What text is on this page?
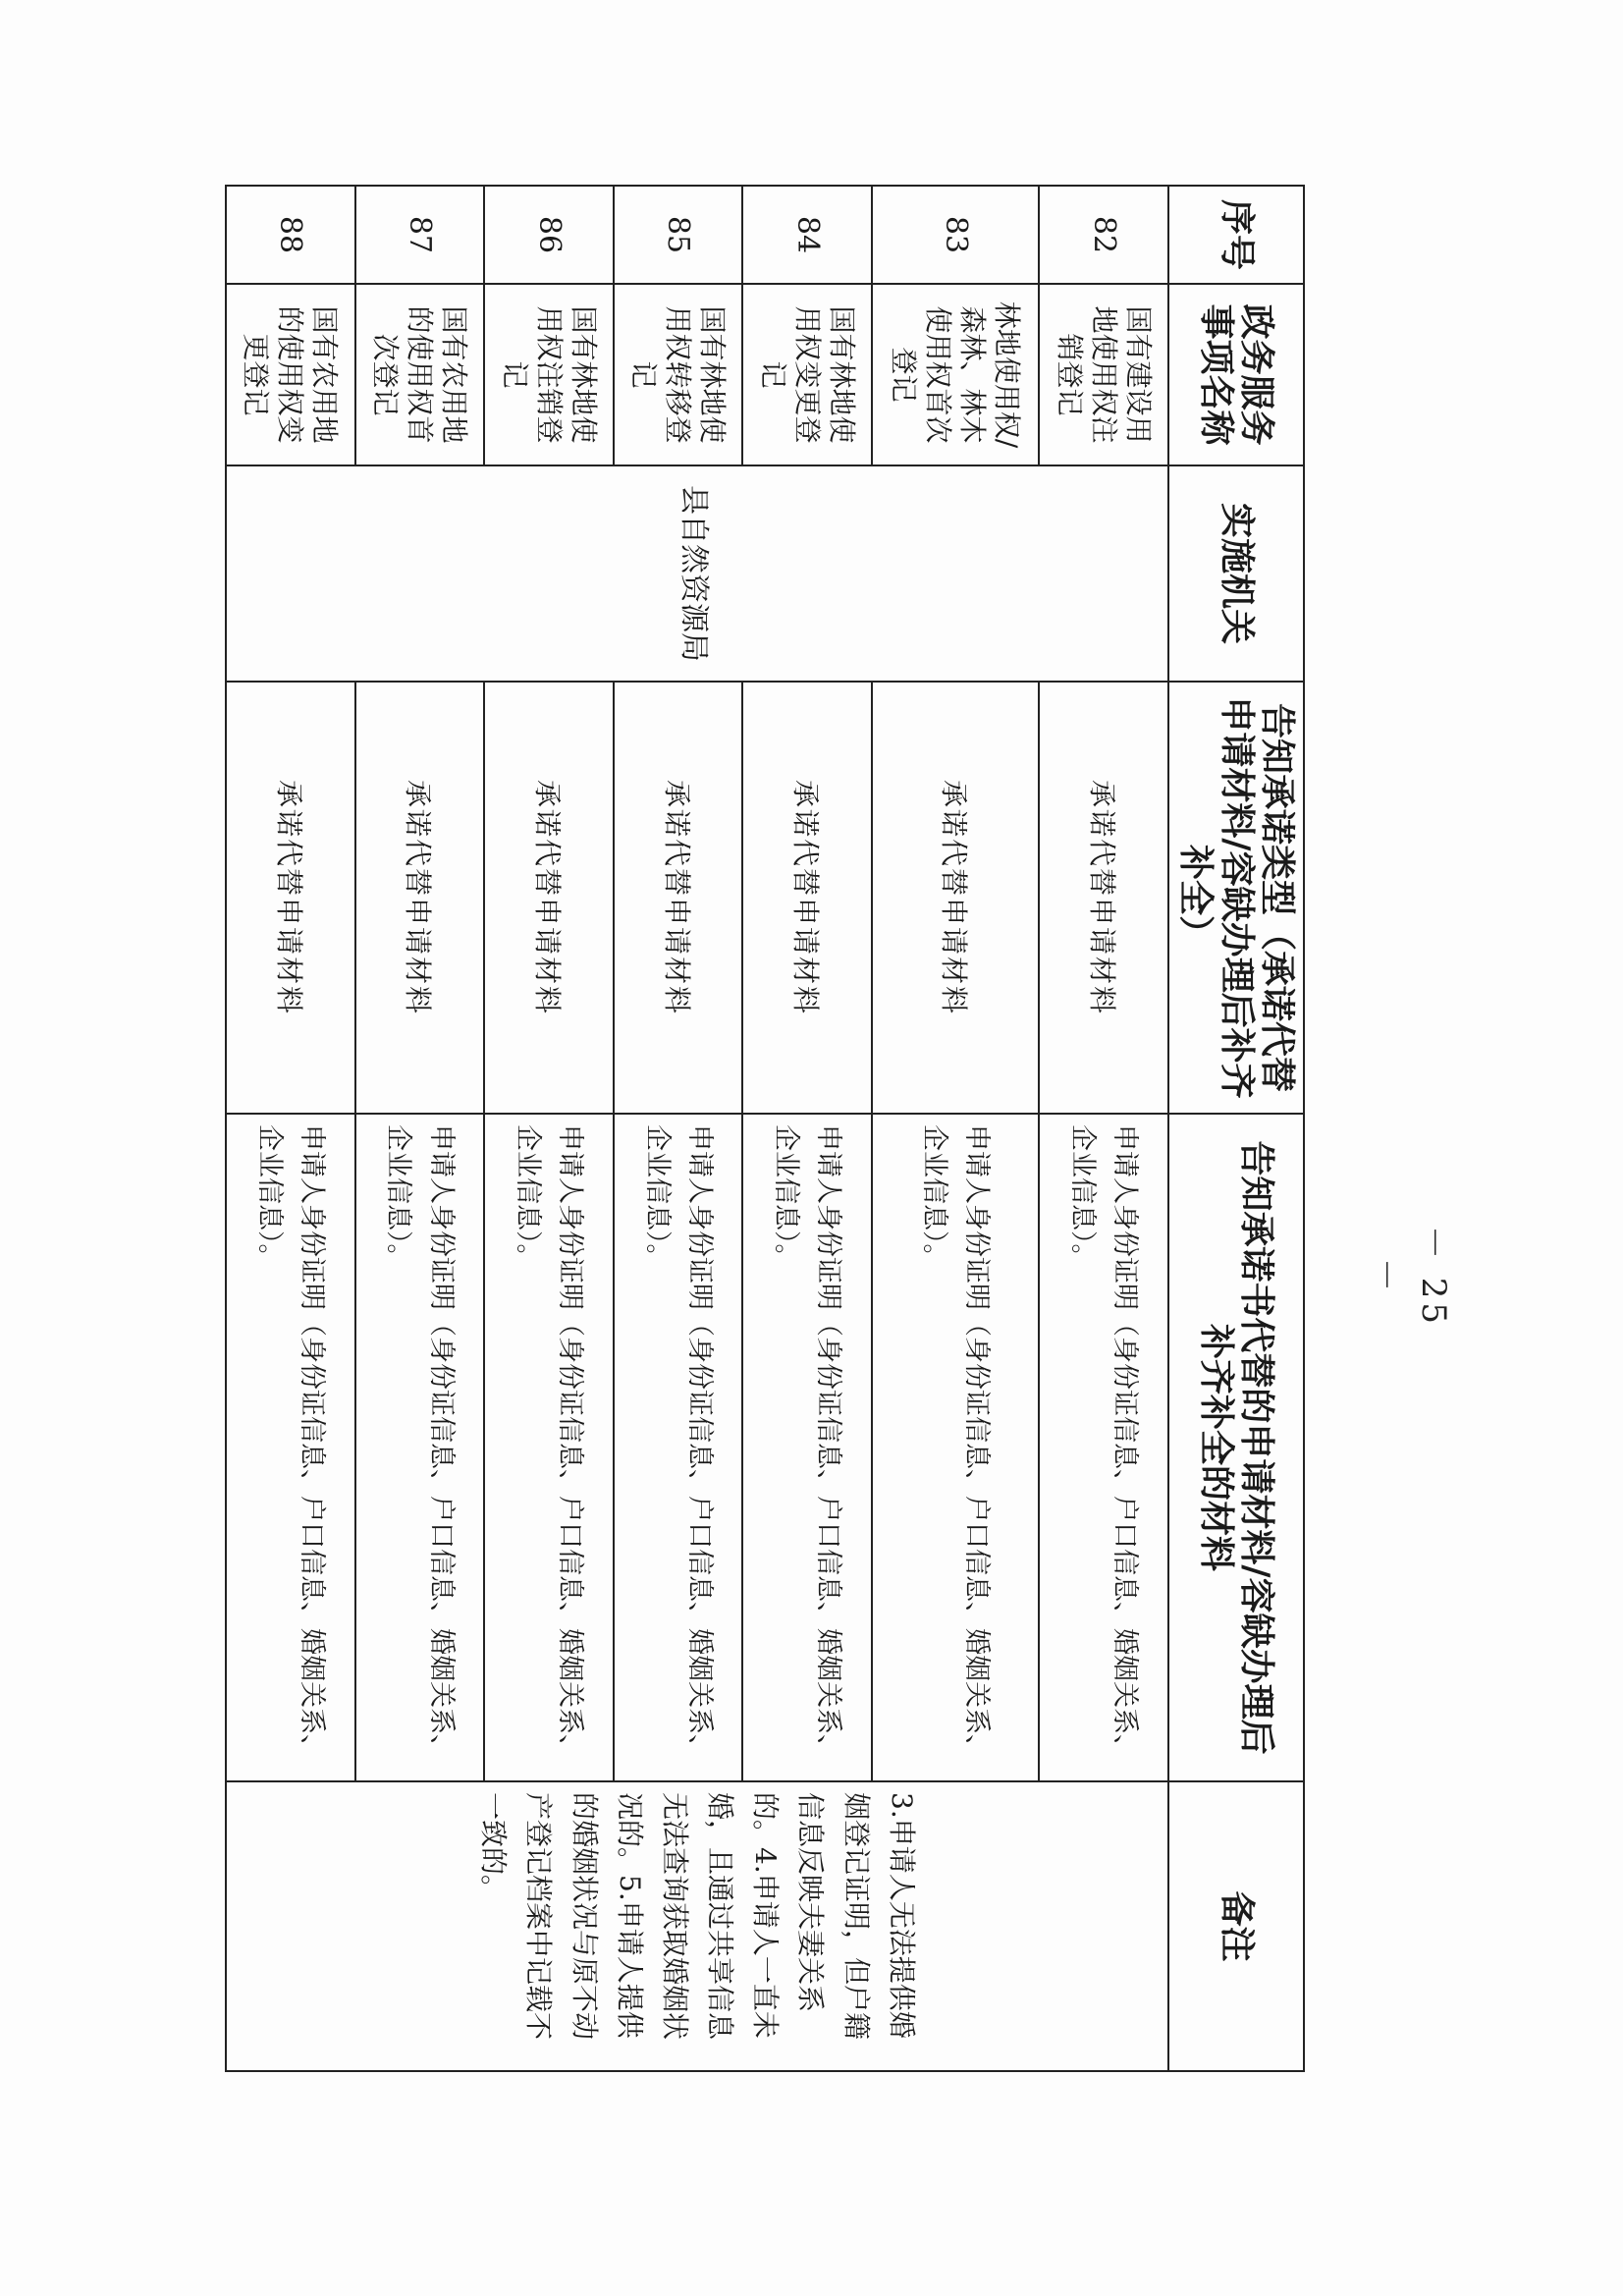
序号	政务服务事项名称	实施机关	告知承诺类型（承诺代替申请材料/容缺办理后补齐补全）	告知承诺书代替的申请材料/容缺办理后补齐补全的材料	备注
82	国有建设用地使用权注销登记	县自然资源局	承诺代替申请材料	申请人身份证明（身份证信息、户口信息、婚姻关系、企业信息）。	3.申请人无法提供婚姻登记证明，但户籍信息反映夫妻关系的。4.申请人一直未婚，且通过共享信息无法查询获取婚姻状况的。5.申请人提供的婚姻状况与原不动产登记档案中记载不一致的。
83	林地使用权/森林、林木使用权首次登记		承诺代替申请材料	申请人身份证明（身份证信息、户口信息、婚姻关系、企业信息）。	
84	国有林地使用权变更登记		承诺代替申请材料	申请人身份证明（身份证信息、户口信息、婚姻关系、企业信息）。	
85	国有林地使用权转移登记		承诺代替申请材料	申请人身份证明（身份证信息、户口信息、婚姻关系、企业信息）。	
86	国有林地使用权注销登记		承诺代替申请材料	申请人身份证明（身份证信息、户口信息、婚姻关系、企业信息）。	
87	国有农用地的使用权首次登记		承诺代替申请材料	申请人身份证明（身份证信息、户口信息、婚姻关系、企业信息）。	
88	国有农用地的使用权变更登记		承诺代替申请材料	申请人身份证明（身份证信息、户口信息、婚姻关系、企业信息）。	
－ 25 －
